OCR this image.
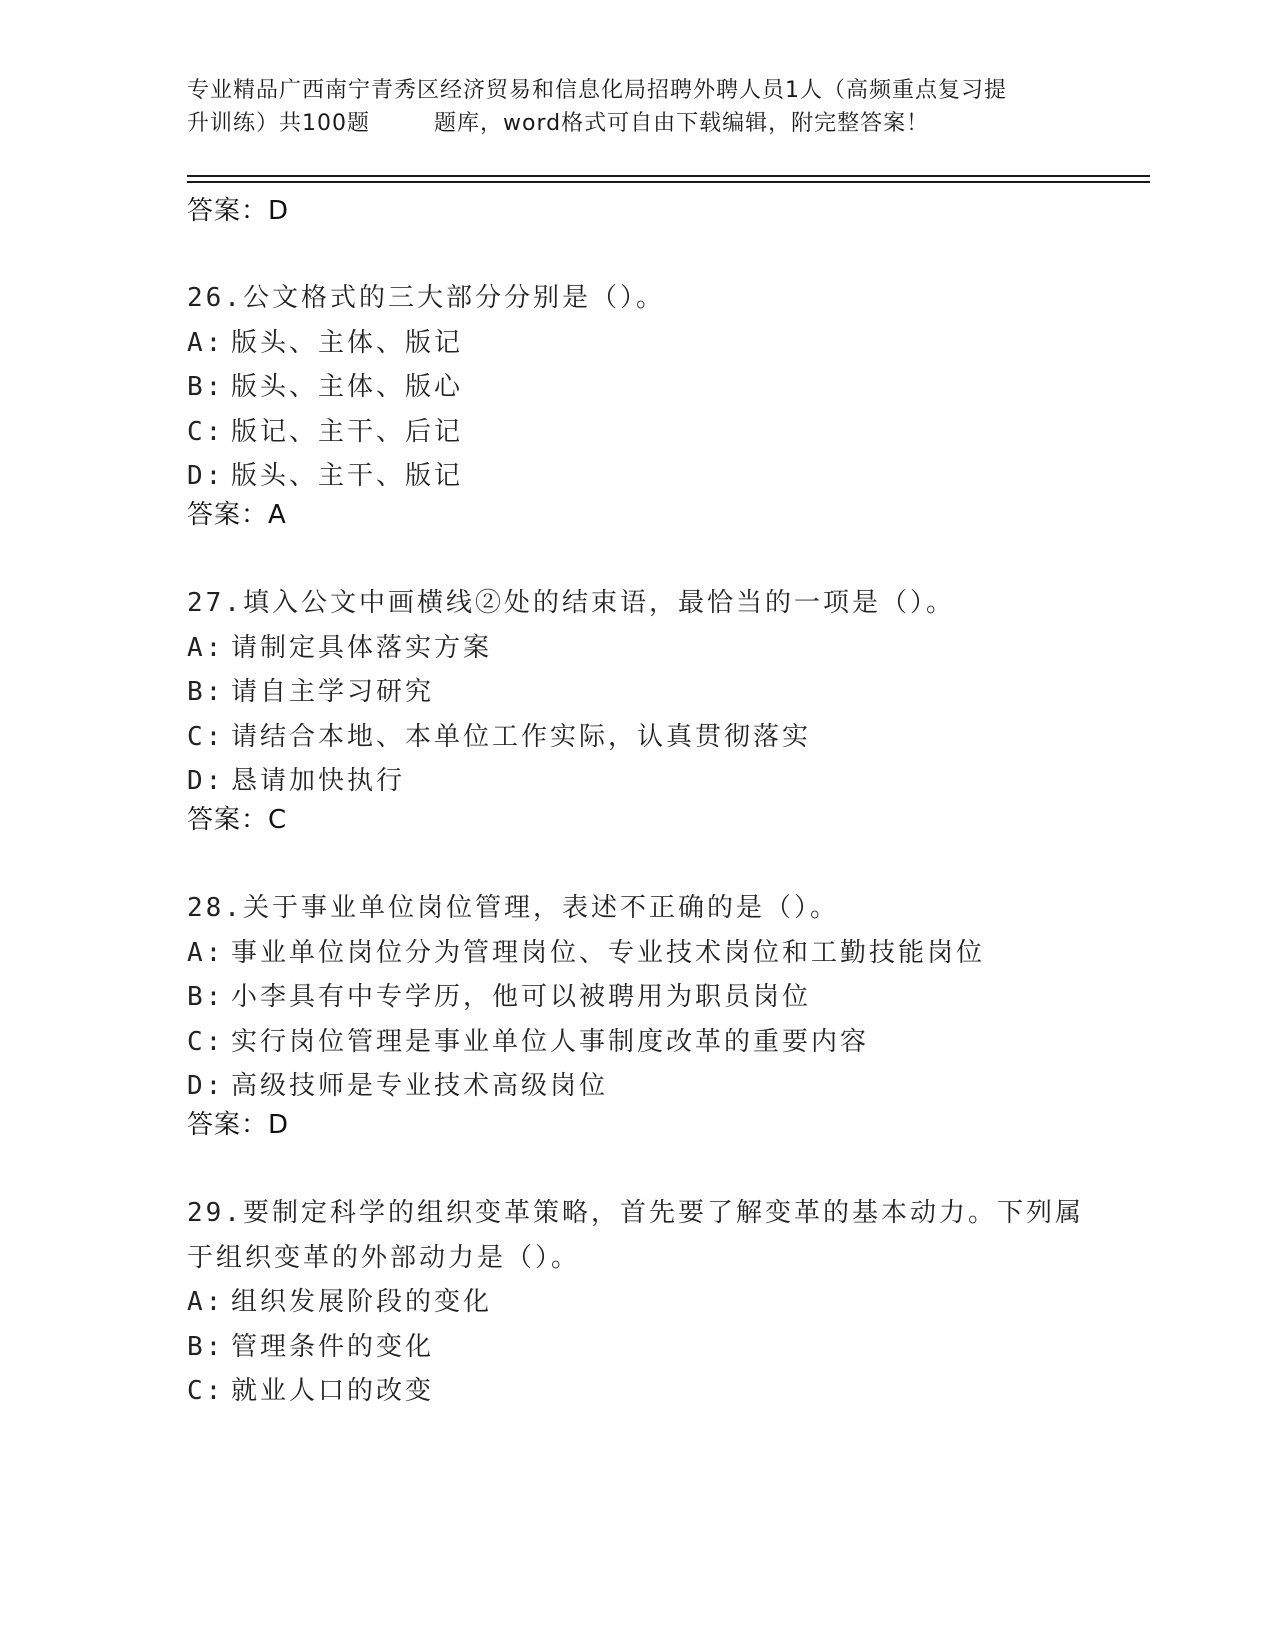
专业精品广西南宁青秀区经济贸易和信息化局招聘外聘人员1人（高频重点复习提
升训练）共100题	题库，word格式可自由下载编辑，附完整答案！
答案：D
26.公文格式的三大部分分别是（）。
A: 版头、主体、版记
B: 版头、主体、版心
C: 版记、主干、后记
D: 版头、主干、版记
答案：A
27.填入公文中画横线②处的结束语，最恰当的一项是（）。
A: 请制定具体落实方案
B: 请自主学习研究
C: 请结合本地、本单位工作实际，认真贯彻落实
D: 恳请加快执行
答案：C
28.关于事业单位岗位管理，表述不正确的是（）。
A: 事业单位岗位分为管理岗位、专业技术岗位和工勤技能岗位
B: 小李具有中专学历，他可以被聘用为职员岗位
C: 实行岗位管理是事业单位人事制度改革的重要内容
D: 高级技师是专业技术高级岗位
答案：D
29.要制定科学的组织变革策略，首先要了解变革的基本动力。下列属
于组织变革的外部动力是（）。
A: 组织发展阶段的变化
B: 管理条件的变化
C: 就业人口的改变
